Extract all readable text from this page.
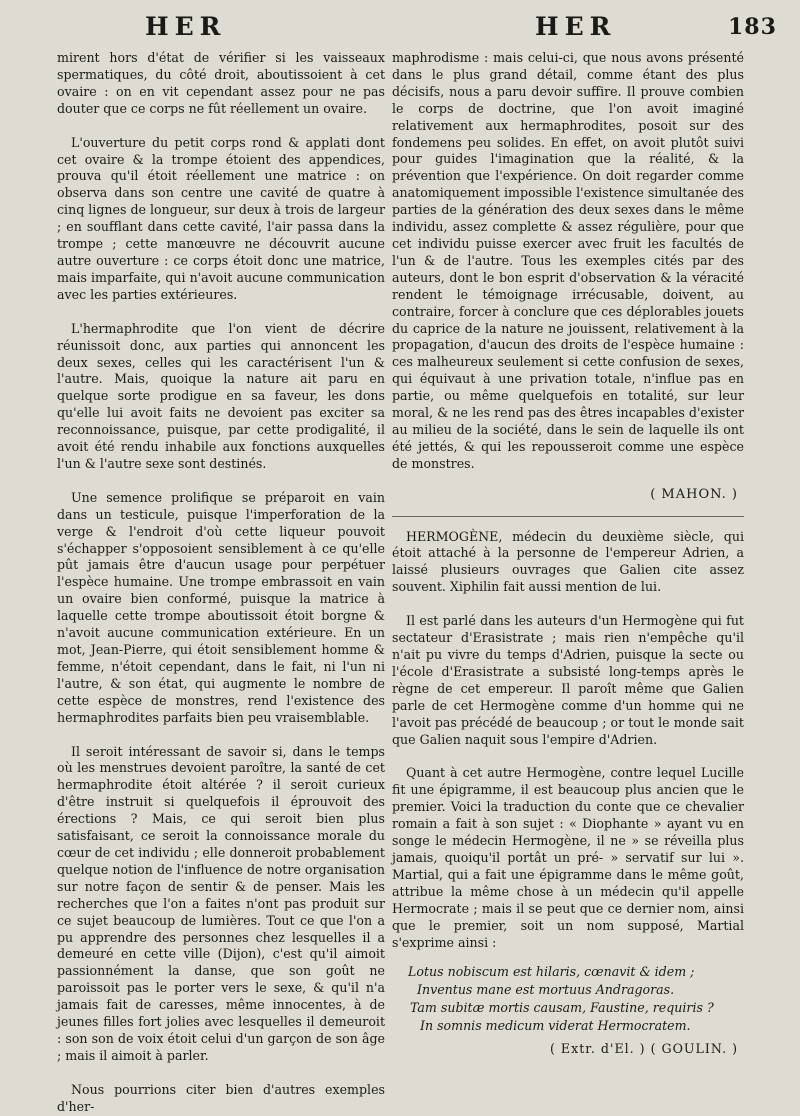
HER	HER	183

mirent hors d'état de vérifier si les vaisseaux spermatiques, du côté droit, aboutissoient à cet ovaire : on en vit cependant assez pour ne pas douter que ce corps ne fût réellement un ovaire.

L'ouverture du petit corps rond & applati dont cet ovaire & la trompe étoient des appendices, prouva qu'il étoit réellement une matrice : on observa dans son centre une cavité de quatre à cinq lignes de longueur, sur deux à trois de largeur ; en soufflant dans cette cavité, l'air passa dans la trompe ; cette manœuvre ne découvrit aucune autre ouverture : ce corps étoit donc une matrice, mais imparfaite, qui n'avoit aucune communication avec les parties extérieures.

L'hermaphrodite que l'on vient de décrire réunissoit donc, aux parties qui annoncent les deux sexes, celles qui les caractérisent l'un & l'autre. Mais, quoique la nature ait paru en quelque sorte prodigue en sa faveur, les dons qu'elle lui avoit faits ne devoient pas exciter sa reconnoissance, puisque, par cette prodigalité, il avoit été rendu inhabile aux fonctions auxquelles l'un & l'autre sexe sont destinés.

Une semence prolifique se préparoit en vain dans un testicule, puisque l'imperforation de la verge & l'endroit d'où cette liqueur pouvoit s'échapper s'opposoient sensiblement à ce qu'elle pût jamais être d'aucun usage pour perpétuer l'espèce humaine. Une trompe embrassoit en vain un ovaire bien conformé, puisque la matrice à laquelle cette trompe aboutissoit étoit borgne & n'avoit aucune communication extérieure. En un mot, Jean-Pierre, qui étoit sensiblement homme & femme, n'étoit cependant, dans le fait, ni l'un ni l'autre, & son état, qui augmente le nombre de cette espèce de monstres, rend l'existence des hermaphrodites parfaits bien peu vraisemblable.

Il seroit intéressant de savoir si, dans le temps où les menstrues devoient paroître, la santé de cet hermaphrodite étoit altérée ? il seroit curieux d'être instruit si quelquefois il éprouvoit des érections ? Mais, ce qui seroit bien plus satisfaisant, ce seroit la connoissance morale du cœur de cet individu ; elle donneroit probablement quelque notion de l'influence de notre organisation sur notre façon de sentir & de penser. Mais les recherches que l'on a faites n'ont pas produit sur ce sujet beaucoup de lumières. Tout ce que l'on a pu apprendre des personnes chez lesquelles il a demeuré en cette ville (Dijon), c'est qu'il aimoit passionnément la danse, que son goût ne paroissoit pas le porter vers le sexe, & qu'il n'a jamais fait de caresses, même innocentes, à de jeunes filles fort jolies avec lesquelles il demeuroit : son son de voix étoit celui d'un garçon de son âge ; mais il aimoit à parler.

Nous pourrions citer bien d'autres exemples d'her-

maphrodisme : mais celui-ci, que nous avons présenté dans le plus grand détail, comme étant des plus décisifs, nous a paru devoir suffire. Il prouve combien le corps de doctrine, que l'on avoit imaginé relativement aux hermaphrodites, posoit sur des fondemens peu solides. En effet, on avoit plutôt suivi pour guides l'imagination que la réalité, & la prévention que l'expérience. On doit regarder comme anatomiquement impossible l'existence simultanée des parties de la génération des deux sexes dans le même individu, assez complette & assez régulière, pour que cet individu puisse exercer avec fruit les facultés de l'un & de l'autre. Tous les exemples cités par des auteurs, dont le bon esprit d'observation & la véracité rendent le témoignage irrécusable, doivent, au contraire, forcer à conclure que ces déplorables jouets du caprice de la nature ne jouissent, relativement à la propagation, d'aucun des droits de l'espèce humaine : ces malheureux seulement si cette confusion de sexes, qui équivaut à une privation totale, n'influe pas en partie, ou même quelquefois en totalité, sur leur moral, & ne les rend pas des êtres incapables d'exister au milieu de la société, dans le sein de laquelle ils ont été jettés, & qui les repousseroit comme une espèce de monstres.

( MAHON. )

HERMOGÈNE, médecin du deuxième siècle, qui étoit attaché à la personne de l'empereur Adrien, a laissé plusieurs ouvrages que Galien cite assez souvent. Xiphilin fait aussi mention de lui.

Il est parlé dans les auteurs d'un Hermogène qui fut sectateur d'Erasistrate ; mais rien n'empêche qu'il n'ait pu vivre du temps d'Adrien, puisque la secte ou l'école d'Erasistrate a subsisté long-temps après le règne de cet empereur. Il paroît même que Galien parle de cet Hermogène comme d'un homme qui ne l'avoit pas précédé de beaucoup ; or tout le monde sait que Galien naquit sous l'empire d'Adrien.

Quant à cet autre Hermogène, contre lequel Lucille fit une épigramme, il est beaucoup plus ancien que le premier. Voici la traduction du conte que ce chevalier romain a fait à son sujet : « Diophante » ayant vu en songe le médecin Hermogène, il ne » se réveilla plus jamais, quoiqu'il portât un pré- » servatif sur lui ». Martial, qui a fait une épigramme dans le même goût, attribue la même chose à un médecin qu'il appelle Hermocrate ; mais il se peut que ce dernier nom, ainsi que le premier, soit un nom supposé, Martial s'exprime ainsi :

Lotus nobiscum est hilaris, cœnavit & idem ;
Inventus mane est mortuus Andragoras.
Tam subitæ mortis causam, Faustine, requiris ?
In somnis medicum viderat Hermocratem.
( Extr. d'El. ) ( GOULIN. )
